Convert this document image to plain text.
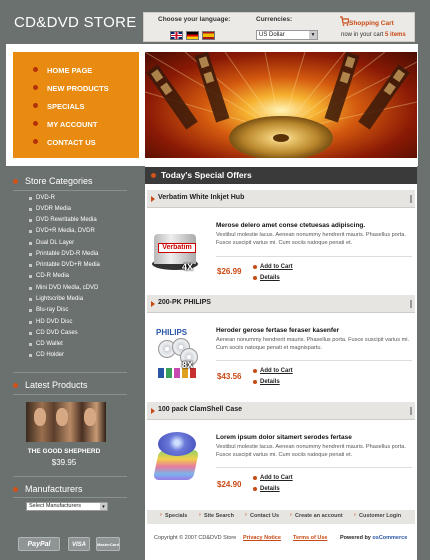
CD&DVD STORE	Choose your language:	Currencies:
US Dollar	▼
Shopping Cart
now in your cart 5 items
HOME PAGE
NEW PRODUCTS
SPECIALS
MY ACCOUNT
CONTACT US
Store Categories
DVD-R
DVDR Media
DVD Rewritable Media
DVD+R Media, DVDR
Dual DL Layer
Printable DVD-R Media
Printable DVD+R Media
CD-R Media
Mini DVD Media, cDVD
Lightscribe Media
Blu-ray Disc
HD DVD Disc
CD DVD Cases
CD Wallet
CD Holder
Latest Products
THE GOOD SHEPHERD
$39.95
Manufacturers
Select Manufacturers	▼
PayPal	VISA	MasterCard
Today's Special Offers
Verbatim White Inkjet Hub
Verbatim
4X
Merose delero amet conse ctetuesas adipiscing.
Vestibul molestie lacus. Aenean nonummy hendrerit mauris. Phasellus porta. Fusce suscipit varius mi. Cum sociis natoque penati et.
$26.99	Add to Cart
Details
200-PK PHILIPS
PHILIPS
8X
Heroder gerose fertase feraser kasenfer
Aenean nonummy hendrerit mauris. Phasellus porta. Fusce suscipit varius mi. Cum sociis natoque penati et magnispartu.
$43.56
Add to Cart
Details
100 pack ClamShell Case
Lorem ipsum dolor sitamert serodes fertase
Vestibul molestie lacus. Aenean nonummy hendrerit mauris. Phasellus porta. Fusce suscipit varius mi. Cum sociis natoque penati et.
$24.90
Add to Cart
Details
› Specials	› Site Search	› Contact Us	› Create an account	› Customer Login
Copyright © 2007 CD&DVD Store Privacy Notice Terms of Use Powered by osCommerce
